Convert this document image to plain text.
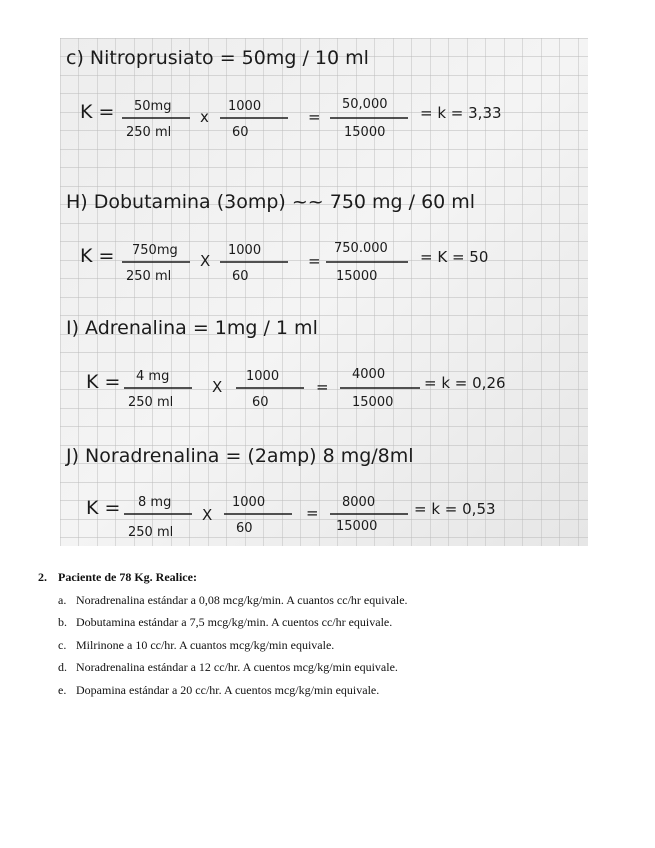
c) Nitroprusiato = 50mg / 10 ml
K = 50mg
250 ml
x
1000
60
=
50,000
15000
= k = 3,33
H) Dobutamina (3omp) ~~ 750 mg / 60 ml
K = 750mg
250 ml
X
1000
60
=
750.000
15000
= K = 50
I) Adrenalina = 1mg / 1 ml
K = 4 mg
250 ml
X
1000
60
=
4000
15000
= k = 0,26
J) Noradrenalina = (2amp) 8 mg/8ml
K = 8 mg
250 ml
X
1000
60
=
8000
15000
= k = 0,53
2. Paciente de 78 Kg. Realice:
a. Noradrenalina estándar a 0,08 mcg/kg/min. A cuantos cc/hr equivale.
b. Dobutamina estándar a 7,5 mcg/kg/min. A cuentos cc/hr equivale.
c. Milrinone a 10 cc/hr. A cuantos mcg/kg/min equivale.
d. Noradrenalina estándar a 12 cc/hr. A cuentos mcg/kg/min equivale.
e. Dopamina estándar a 20 cc/hr. A cuentos mcg/kg/min equivale.
